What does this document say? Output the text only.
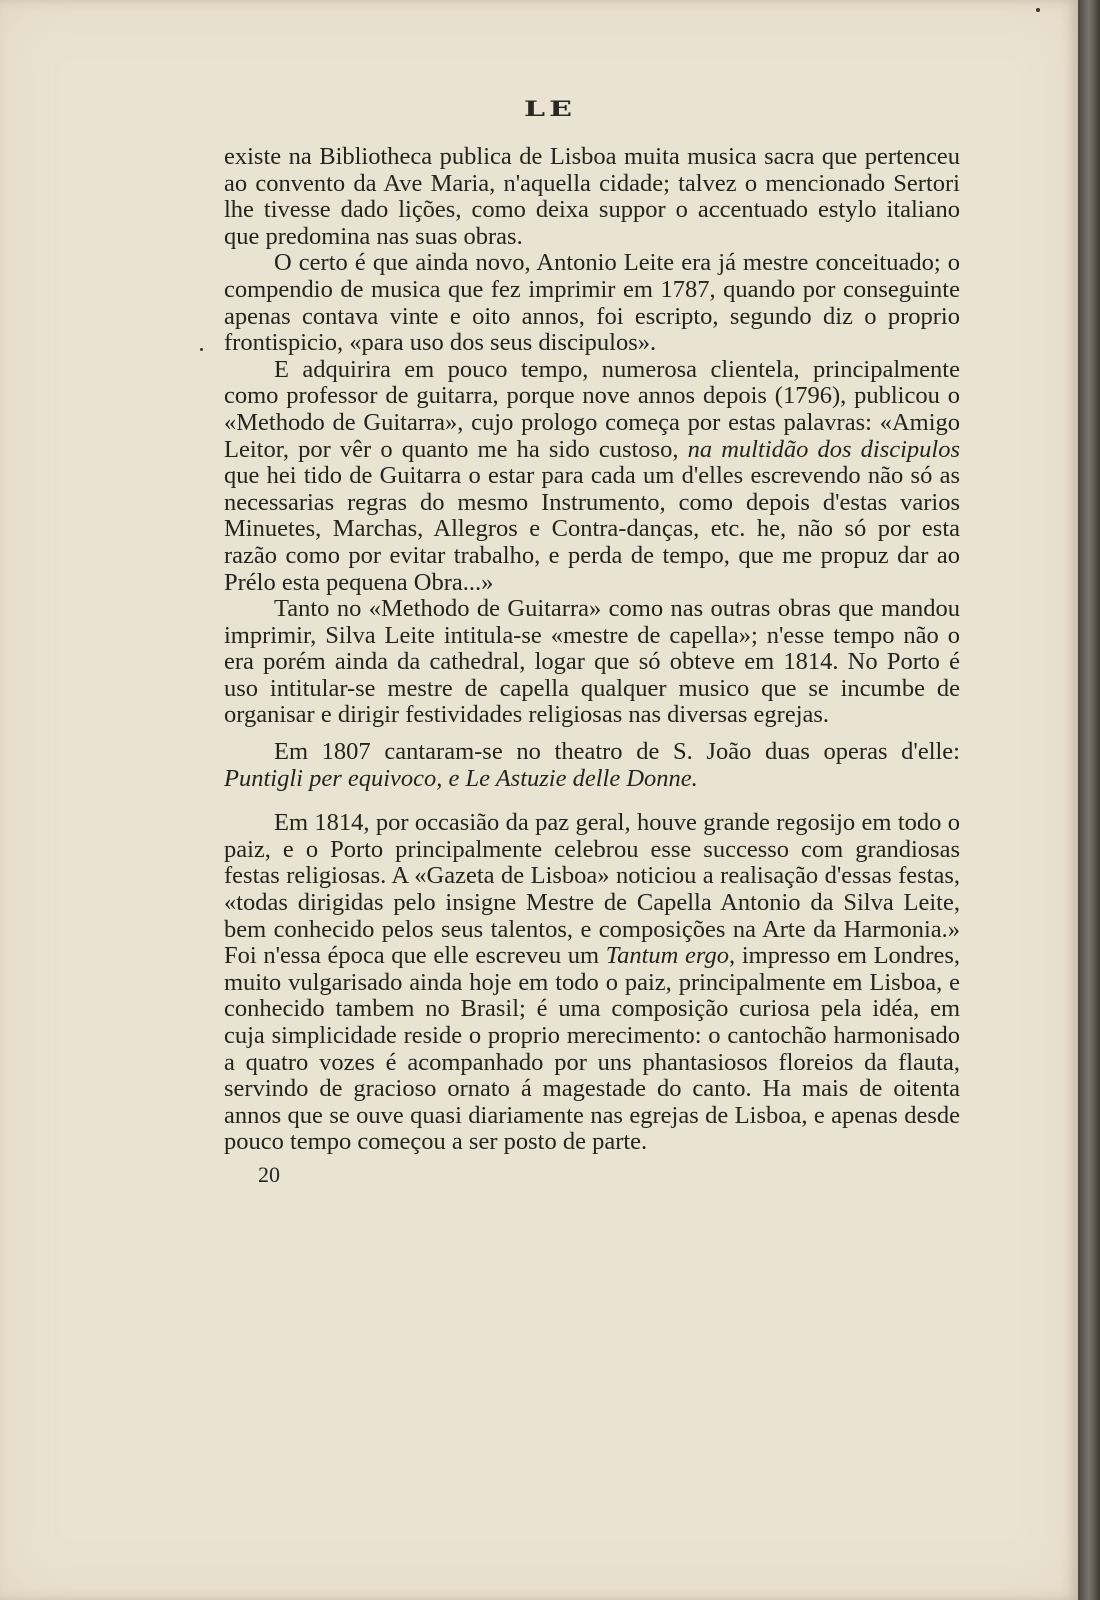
LE

existe na Bibliotheca publica de Lisboa muita musica sacra que pertenceu ao convento da Ave Maria, n'aquella cidade; talvez o mencionado Sertori lhe tivesse dado lições, como deixa suppor o accentuado estylo italiano que predomina nas suas obras.

O certo é que ainda novo, Antonio Leite era já mestre conceituado; o compendio de musica que fez imprimir em 1787, quando por conseguinte apenas contava vinte e oito annos, foi escripto, segundo diz o proprio frontispicio, «para uso dos seus discipulos».

E adquirira em pouco tempo, numerosa clientela, principalmente como professor de guitarra, porque nove annos depois (1796), publicou o «Methodo de Guitarra», cujo prologo começa por estas palavras: «Amigo Leitor, por vêr o quanto me ha sido custoso, na multidão dos discipulos que hei tido de Guitarra o estar para cada um d'elles escrevendo não só as necessarias regras do mesmo Instrumento, como depois d'estas varios Minuetes, Marchas, Allegros e Contra-danças, etc. he, não só por esta razão como por evitar trabalho, e perda de tempo, que me propuz dar ao Prélo esta pequena Obra...»

Tanto no «Methodo de Guitarra» como nas outras obras que mandou imprimir, Silva Leite intitula-se «mestre de capella»; n'esse tempo não o era porém ainda da cathedral, logar que só obteve em 1814. No Porto é uso intitular-se mestre de capella qualquer musico que se incumbe de organisar e dirigir festividades religiosas nas diversas egrejas.

Em 1807 cantaram-se no theatro de S. João duas operas d'elle: Puntigli per equivoco, e Le Astuzie delle Donne.

Em 1814, por occasião da paz geral, houve grande regosijo em todo o paiz, e o Porto principalmente celebrou esse successo com grandiosas festas religiosas. A «Gazeta de Lisboa» noticiou a realisação d'essas festas, «todas dirigidas pelo insigne Mestre de Capella Antonio da Silva Leite, bem conhecido pelos seus talentos, e composições na Arte da Harmonia.» Foi n'essa época que elle escreveu um Tantum ergo, impresso em Londres, muito vulgarisado ainda hoje em todo o paiz, principalmente em Lisboa, e conhecido tambem no Brasil; é uma composição curiosa pela idéa, em cuja simplicidade reside o proprio merecimento: o cantochão harmonisado a quatro vozes é acompanhado por uns phantasiosos floreios da flauta, servindo de gracioso ornato á magestade do canto. Ha mais de oitenta annos que se ouve quasi diariamente nas egrejas de Lisboa, e apenas desde pouco tempo começou a ser posto de parte.

20
